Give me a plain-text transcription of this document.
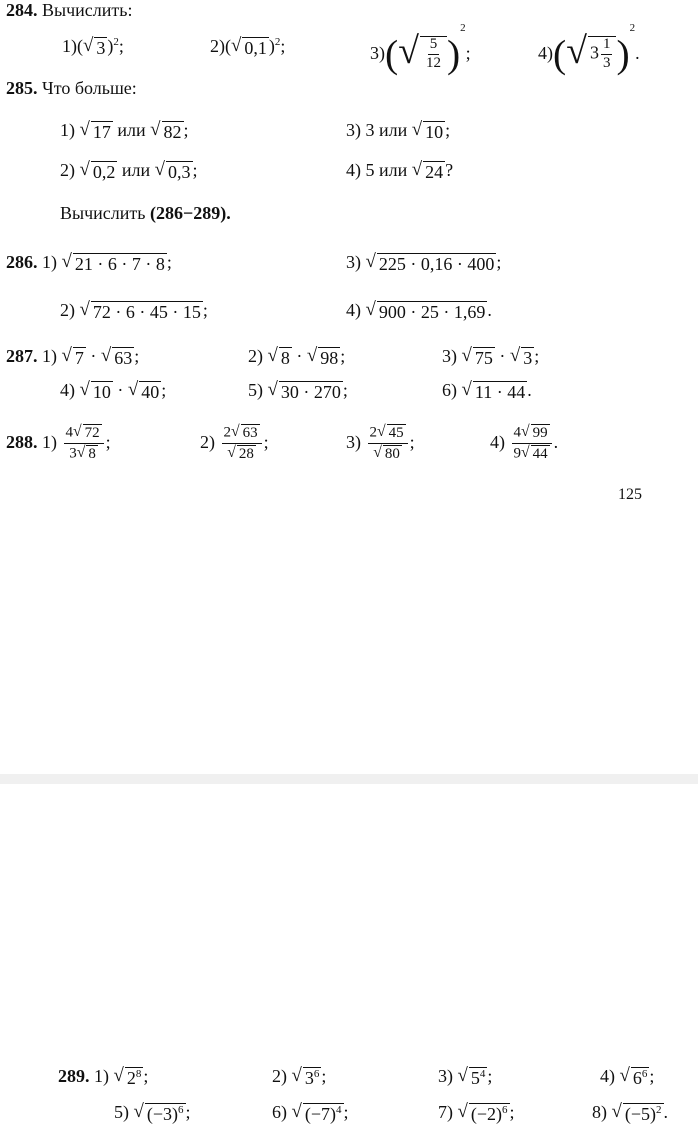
284. Вычислить:
1)( √ 3 )$^2$;	2)( √ 0,1 )$^2$;	3)( √ $\frac{5}{12} )^2$;	4)( √ $3 \frac{1}{3} )^2$.
285. Что больше:
1) √ 17 или √ 82 ;	3) 3 или √ 10 ;
2) √ 0,2 или √ 0,3 ;	4) 5 или √ 24 ?
Вычислить (286−289).
286. 1) √ 21 · 6 · 7 · 8 ;	3) √ 225 · 0,16 · 400 ;
2) √ 72 · 6 · 45 · 15 ;	4) √ 900 · 25 · 1,69 .
287. 1) √ 7 · √ 63 ;	2) √ 8 · √ 98 ;	3) √ 75 · √ 3 ;
4) √ 10 · √ 40 ;	5) √ 30 · 270 ;	6) √ 11 · 44 .
288. $1) \frac{4 √ 72}{3 √ 8}$ ;	$2) \frac{2 √ 63}{√ 28}$ ;	$3) \frac{2 √ 45}{√ 80}$ ;	$4) \frac{4 √ 99}{9 √ 44}$ .
125
289. 1) √ $2^8$ ;	2) √ $3^6$ ;	3) √ $5^4$ ;	4) √ $6^6$ ;
5) √ $(-3)^6$ ;	6) √ $(-7)^4$ ;	7) √ $(-2)^6$ ;	8) √ $(-5)^2$ .
